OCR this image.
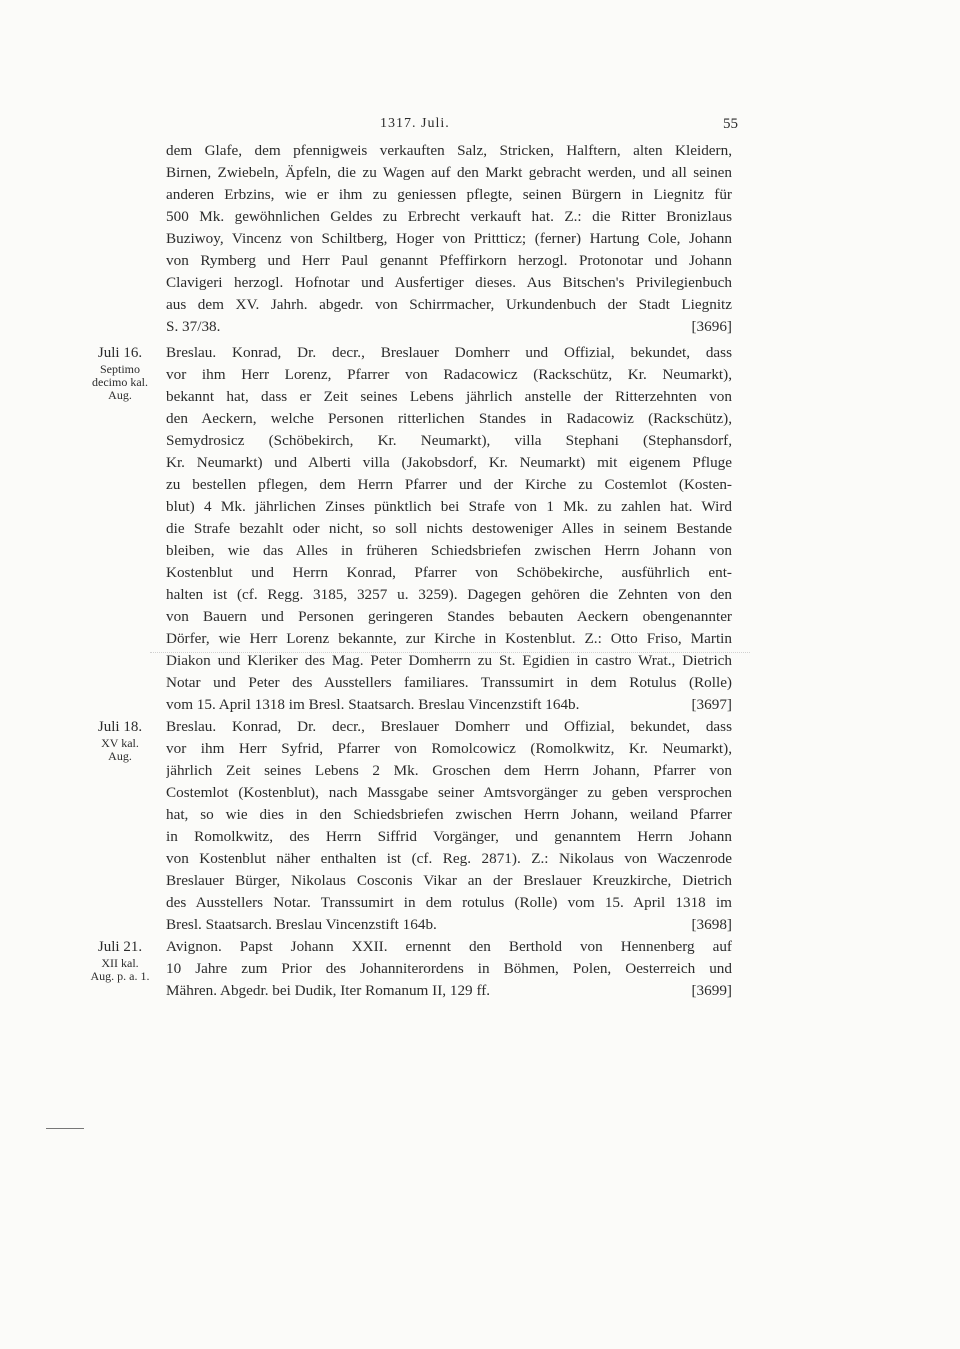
1317. Juli.	55
dem Glafe, dem pfennigweis verkauften Salz, Stricken, Halftern, alten Kleidern,
Birnen, Zwiebeln, Äpfeln, die zu Wagen auf den Markt gebracht werden, und all seinen
anderen Erbzins, wie er ihm zu geniessen pflegte, seinen Bürgern in Liegnitz für
500 Mk. gewöhnlichen Geldes zu Erbrecht verkauft hat. Z.: die Ritter Bronizlaus
Buziwoy, Vincenz von Schiltberg, Hoger von Prittticz; (ferner) Hartung Cole, Johann
von Rymberg und Herr Paul genannt Pfeffirkorn herzogl. Protonotar und Johann
Clavigeri herzogl. Hofnotar und Ausfertiger dieses. Aus Bitschen's Privilegienbuch
aus dem XV. Jahrh. abgedr. von Schirrmacher, Urkundenbuch der Stadt Liegnitz
S. 37/38.	[3696]
Juli 16.
Septimo
decimo kal.
Aug.
Breslau. Konrad, Dr. decr., Breslauer Domherr und Offizial, bekundet, dass
vor ihm Herr Lorenz, Pfarrer von Radacowicz (Rackschütz, Kr. Neumarkt),
bekannt hat, dass er Zeit seines Lebens jährlich anstelle der Ritterzehnten von
den Aeckern, welche Personen ritterlichen Standes in Radacowiz (Rackschütz),
Semydrosicz (Schöbekirch, Kr. Neumarkt), villa Stephani (Stephansdorf,
Kr. Neumarkt) und Alberti villa (Jakobsdorf, Kr. Neumarkt) mit eigenem Pfluge
zu bestellen pflegen, dem Herrn Pfarrer und der Kirche zu Costemlot (Kosten-
blut) 4 Mk. jährlichen Zinses pünktlich bei Strafe von 1 Mk. zu zahlen hat. Wird
die Strafe bezahlt oder nicht, so soll nichts destoweniger Alles in seinem Bestande
bleiben, wie das Alles in früheren Schiedsbriefen zwischen Herrn Johann von
Kostenblut und Herrn Konrad, Pfarrer von Schöbekirche, ausführlich ent-
halten ist (cf. Regg. 3185, 3257 u. 3259). Dagegen gehören die Zehnten von den
von Bauern und Personen geringeren Standes bebauten Aeckern obengenannter
Dörfer, wie Herr Lorenz bekannte, zur Kirche in Kostenblut. Z.: Otto Friso, Martin
Diakon und Kleriker des Mag. Peter Domherrn zu St. Egidien in castro Wrat., Dietrich
Notar und Peter des Ausstellers familiares. Transsumirt in dem Rotulus (Rolle)
vom 15. April 1318 im Bresl. Staatsarch. Breslau Vincenzstift 164b.	[3697]
Juli 18.
XV kal.
Aug.
Breslau. Konrad, Dr. decr., Breslauer Domherr und Offizial, bekundet, dass
vor ihm Herr Syfrid, Pfarrer von Romolcowicz (Romolkwitz, Kr. Neumarkt),
jährlich Zeit seines Lebens 2 Mk. Groschen dem Herrn Johann, Pfarrer von
Costemlot (Kostenblut), nach Massgabe seiner Amtsvorgänger zu geben versprochen
hat, so wie dies in den Schiedsbriefen zwischen Herrn Johann, weiland Pfarrer
in Romolkwitz, des Herrn Siffrid Vorgänger, und genanntem Herrn Johann
von Kostenblut näher enthalten ist (cf. Reg. 2871). Z.: Nikolaus von Waczenrode
Breslauer Bürger, Nikolaus Cosconis Vikar an der Breslauer Kreuzkirche, Dietrich
des Ausstellers Notar. Transsumirt in dem rotulus (Rolle) vom 15. April 1318 im
Bresl. Staatsarch. Breslau Vincenzstift 164b.	[3698]
Juli 21.
XII kal.
Aug. p. a. 1.
Avignon. Papst Johann XXII. ernennt den Berthold von Hennenberg auf
10 Jahre zum Prior des Johanniterordens in Böhmen, Polen, Oesterreich und
Mähren. Abgedr. bei Dudik, Iter Romanum II, 129 ff.	[3699]
